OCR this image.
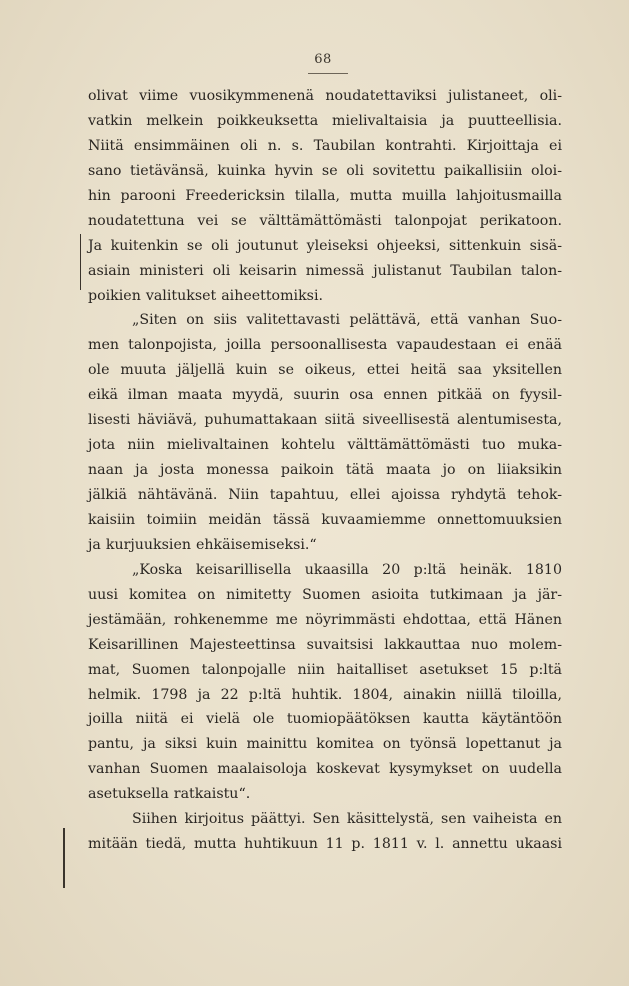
68
olivat viime vuosikymmenenä noudatettaviksi julistaneet, oli-
vatkin melkein poikkeuksetta mielivaltaisia ja puutteellisia.
Niitä ensimmäinen oli n. s. Taubilan kontrahti. Kirjoittaja ei
sano tietävänsä, kuinka hyvin se oli sovitettu paikallisiin oloi-
hin parooni Freedericksin tilalla, mutta muilla lahjoitusmailla
noudatettuna vei se välttämättömästi talonpojat perikatoon.
Ja kuitenkin se oli joutunut yleiseksi ohjeeksi, sittenkuin sisä-
asiain ministeri oli keisarin nimessä julistanut Taubilan talon-
poikien valitukset aiheettomiksi.
„Siten on siis valitettavasti pelättävä, että vanhan Suo-
men talonpojista, joilla persoonallisesta vapaudestaan ei enää
ole muuta jäljellä kuin se oikeus, ettei heitä saa yksitellen
eikä ilman maata myydä, suurin osa ennen pitkää on fyysil-
lisesti häviävä, puhumattakaan siitä siveellisestä alentumisesta,
jota niin mielivaltainen kohtelu välttämättömästi tuo muka-
naan ja josta monessa paikoin tätä maata jo on liiaksikin
jälkiä nähtävänä. Niin tapahtuu, ellei ajoissa ryhdytä tehok-
kaisiin toimiin meidän tässä kuvaamiemme onnettomuuksien
ja kurjuuksien ehkäisemiseksi.“
„Koska keisarillisella ukaasilla 20 p:ltä heinäk. 1810
uusi komitea on nimitetty Suomen asioita tutkimaan ja jär-
jestämään, rohkenemme me nöyrimmästi ehdottaa, että Hänen
Keisarillinen Majesteettinsa suvaitsisi lakkauttaa nuo molem-
mat, Suomen talonpojalle niin haitalliset asetukset 15 p:ltä
helmik. 1798 ja 22 p:ltä huhtik. 1804, ainakin niillä tiloilla,
joilla niitä ei vielä ole tuomiopäätöksen kautta käytäntöön
pantu, ja siksi kuin mainittu komitea on työnsä lopettanut ja
vanhan Suomen maalaisoloja koskevat kysymykset on uudella
asetuksella ratkaistu“.
Siihen kirjoitus päättyi. Sen käsittelystä, sen vaiheista en
mitään tiedä, mutta huhtikuun 11 p. 1811 v. l. annettu ukaasi
